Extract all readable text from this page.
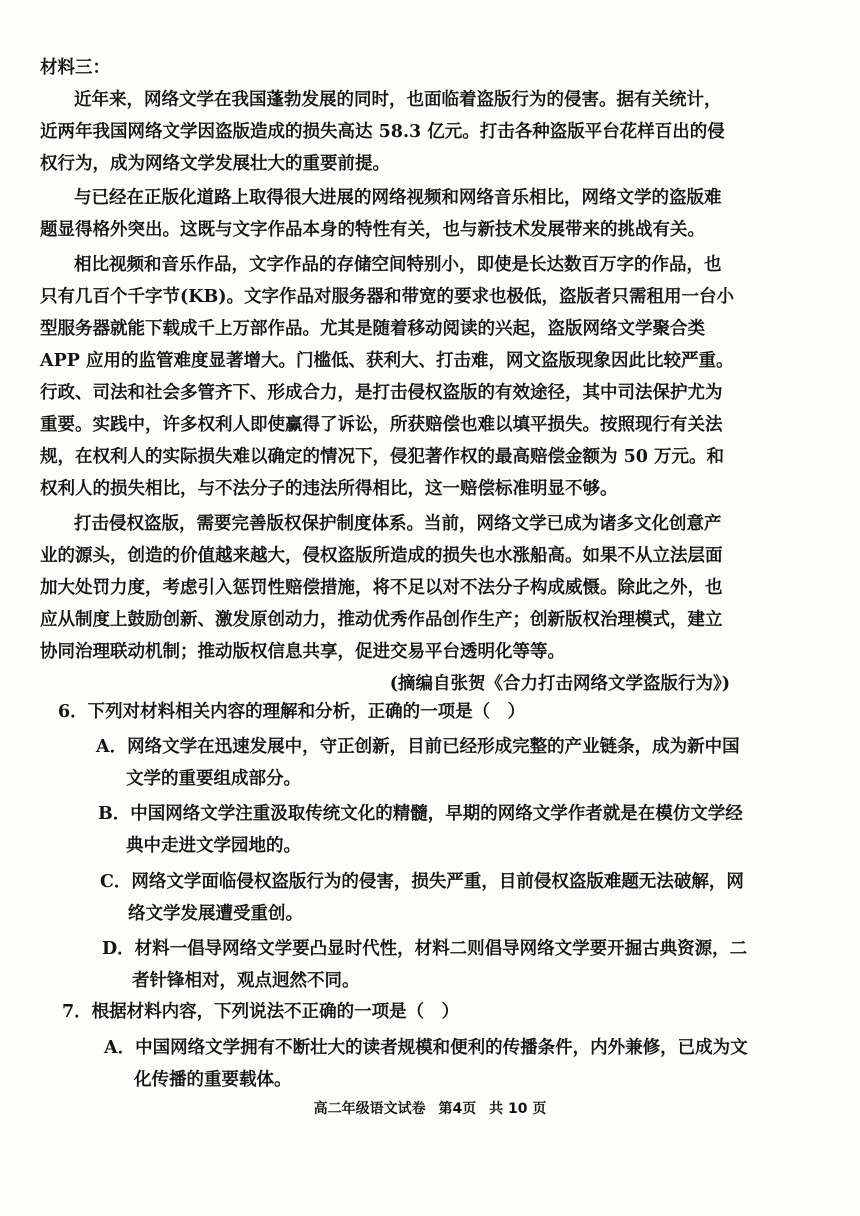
材料三：

近年来，网络文学在我国蓬勃发展的同时，也面临着盗版行为的侵害。据有关统计，

近两年我国网络文学因盗版造成的损失高达 58.3 亿元。打击各种盗版平台花样百出的侵

权行为，成为网络文学发展壮大的重要前提。

与已经在正版化道路上取得很大进展的网络视频和网络音乐相比，网络文学的盗版难

题显得格外突出。这既与文字作品本身的特性有关，也与新技术发展带来的挑战有关。

相比视频和音乐作品，文字作品的存储空间特别小，即使是长达数百万字的作品，也

只有几百个千字节(KB)。文字作品对服务器和带宽的要求也极低，盗版者只需租用一台小

型服务器就能下载成千上万部作品。尤其是随着移动阅读的兴起，盗版网络文学聚合类

APP 应用的监管难度显著增大。门槛低、获利大、打击难，网文盗版现象因此比较严重。

行政、司法和社会多管齐下、形成合力，是打击侵权盗版的有效途径，其中司法保护尤为

重要。实践中，许多权利人即使赢得了诉讼，所获赔偿也难以填平损失。按照现行有关法

规，在权利人的实际损失难以确定的情况下，侵犯著作权的最高赔偿金额为 50 万元。和

权利人的损失相比，与不法分子的违法所得相比，这一赔偿标准明显不够。

打击侵权盗版，需要完善版权保护制度体系。当前，网络文学已成为诸多文化创意产

业的源头，创造的价值越来越大，侵权盗版所造成的损失也水涨船高。如果不从立法层面

加大处罚力度，考虑引入惩罚性赔偿措施，将不足以对不法分子构成威慑。除此之外，也

应从制度上鼓励创新、激发原创动力，推动优秀作品创作生产；创新版权治理模式，建立

协同治理联动机制；推动版权信息共享，促进交易平台透明化等等。

(摘编自张贺《合力打击网络文学盗版行为》)

6．下列对材料相关内容的理解和分析，正确的一项是（　）

A．网络文学在迅速发展中，守正创新，目前已经形成完整的产业链条，成为新中国

文学的重要组成部分。

B．中国网络文学注重汲取传统文化的精髓，早期的网络文学作者就是在模仿文学经

典中走进文学园地的。

C．网络文学面临侵权盗版行为的侵害，损失严重，目前侵权盗版难题无法破解，网

络文学发展遭受重创。

D．材料一倡导网络文学要凸显时代性，材料二则倡导网络文学要开掘古典资源，二

者针锋相对，观点迥然不同。

7．根据材料内容，下列说法不正确的一项是（　）

A．中国网络文学拥有不断壮大的读者规模和便利的传播条件，内外兼修，已成为文

化传播的重要载体。

高二年级语文试卷 第4页 共 10 页
